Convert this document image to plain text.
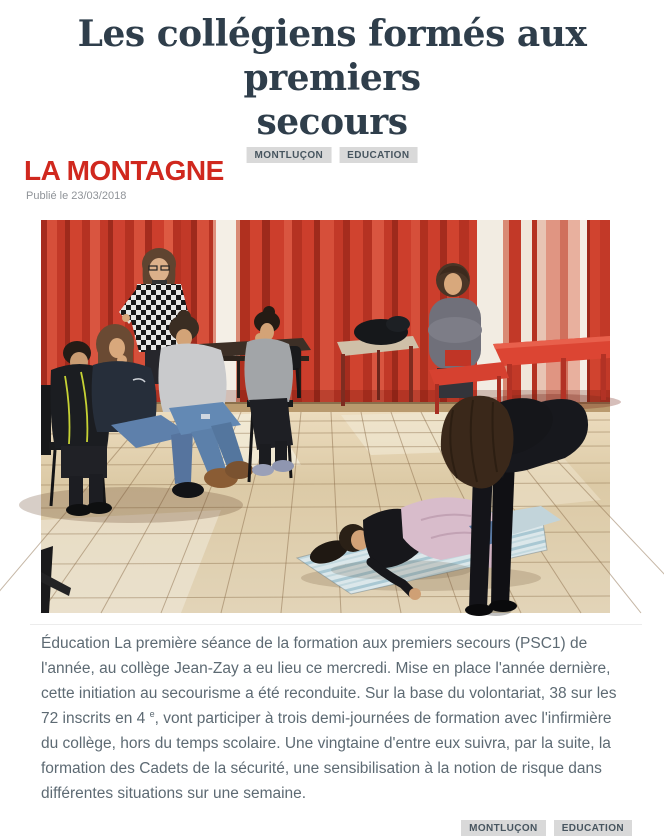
Les collégiens formés aux premiers
secours
MONTLUÇON	EDUCATION
LA MONTAGNE
Publié le 23/03/2018

Éducation La première séance de la formation aux premiers secours (PSC1) de l'année, au collège Jean-Zay a eu lieu ce mercredi. Mise en place l'année dernière, cette initiation au secourisme a été reconduite. Sur la base du volontariat, 38 sur les 72 inscrits en 4 $^e$, vont participer à trois demi-journées de formation avec l'infirmière du collège, hors du temps scolaire. Une vingtaine d'entre eux suivra, par la suite, la formation des Cadets de la sécurité, une sensibilisation à la notion de risque dans différentes situations sur une semaine.

MONTLUÇON	EDUCATION
